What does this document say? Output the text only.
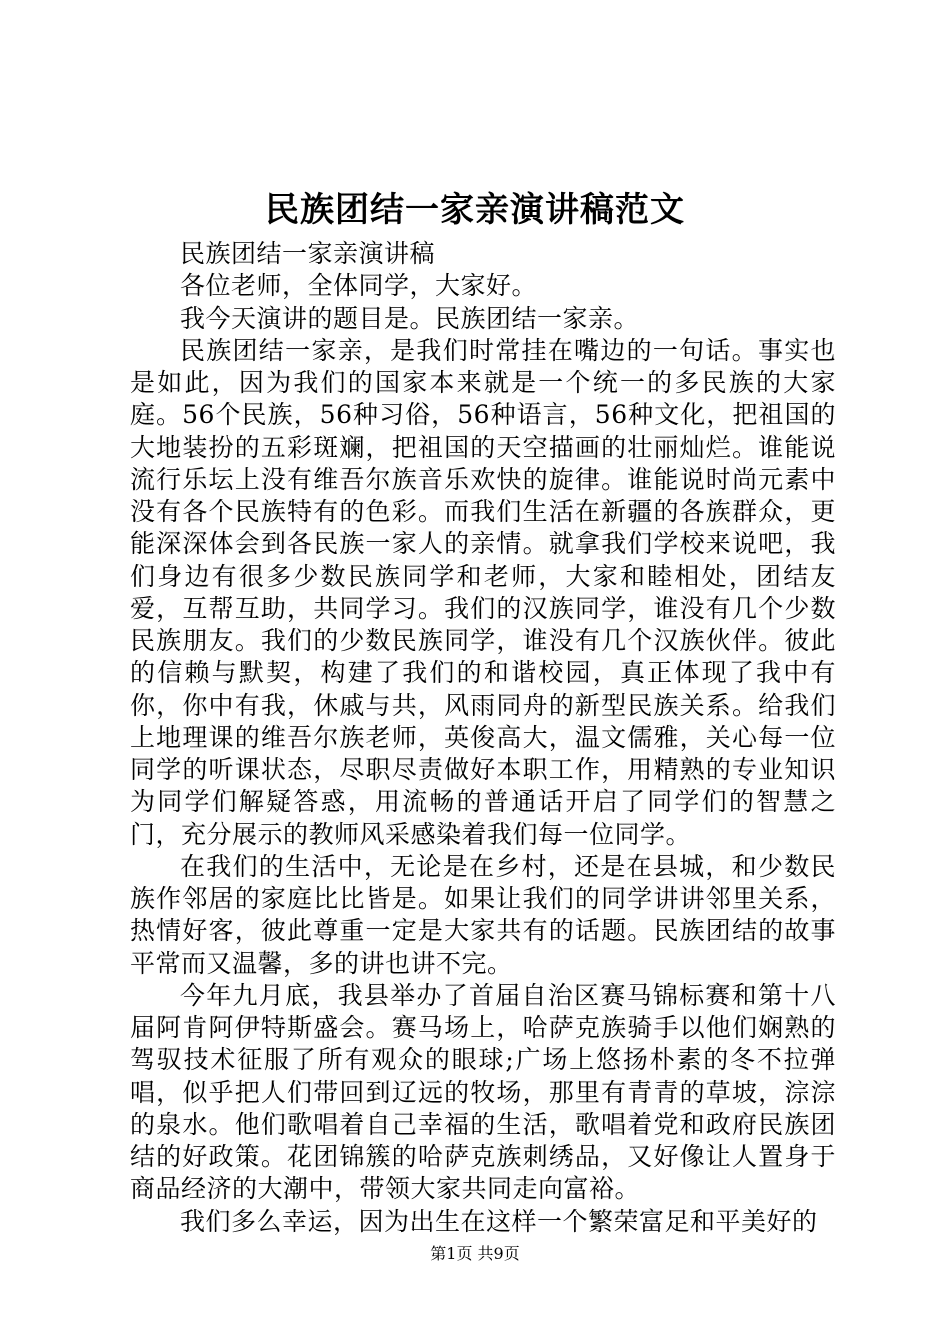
民族团结一家亲演讲稿范文

民族团结一家亲演讲稿

各位老师，全体同学，大家好。

我今天演讲的题目是。民族团结一家亲。

民族团结一家亲，是我们时常挂在嘴边的一句话。事实也是如此，因为我们的国家本来就是一个统一的多民族的大家庭。56个民族，56种习俗，56种语言，56种文化，把祖国的大地装扮的五彩斑斓，把祖国的天空描画的壮丽灿烂。谁能说流行乐坛上没有维吾尔族音乐欢快的旋律。谁能说时尚元素中没有各个民族特有的色彩。而我们生活在新疆的各族群众，更能深深体会到各民族一家人的亲情。就拿我们学校来说吧，我们身边有很多少数民族同学和老师，大家和睦相处，团结友爱，互帮互助，共同学习。我们的汉族同学，谁没有几个少数民族朋友。我们的少数民族同学，谁没有几个汉族伙伴。彼此的信赖与默契，构建了我们的和谐校园，真正体现了我中有你，你中有我，休戚与共，风雨同舟的新型民族关系。给我们上地理课的维吾尔族老师，英俊高大，温文儒雅，关心每一位同学的听课状态，尽职尽责做好本职工作，用精熟的专业知识为同学们解疑答惑，用流畅的普通话开启了同学们的智慧之门，充分展示的教师风采感染着我们每一位同学。

在我们的生活中，无论是在乡村，还是在县城，和少数民族作邻居的家庭比比皆是。如果让我们的同学讲讲邻里关系，热情好客，彼此尊重一定是大家共有的话题。民族团结的故事平常而又温馨，多的讲也讲不完。

今年九月底，我县举办了首届自治区赛马锦标赛和第十八届阿肯阿伊特斯盛会。赛马场上，哈萨克族骑手以他们娴熟的驾驭技术征服了所有观众的眼球;广场上悠扬朴素的冬不拉弹唱，似乎把人们带回到辽远的牧场，那里有青青的草坡，淙淙的泉水。他们歌唱着自己幸福的生活，歌唱着党和政府民族团结的好政策。花团锦簇的哈萨克族刺绣品，又好像让人置身于商品经济的大潮中，带领大家共同走向富裕。

我们多么幸运，因为出生在这样一个繁荣富足和平美好的

第1页 共9页
